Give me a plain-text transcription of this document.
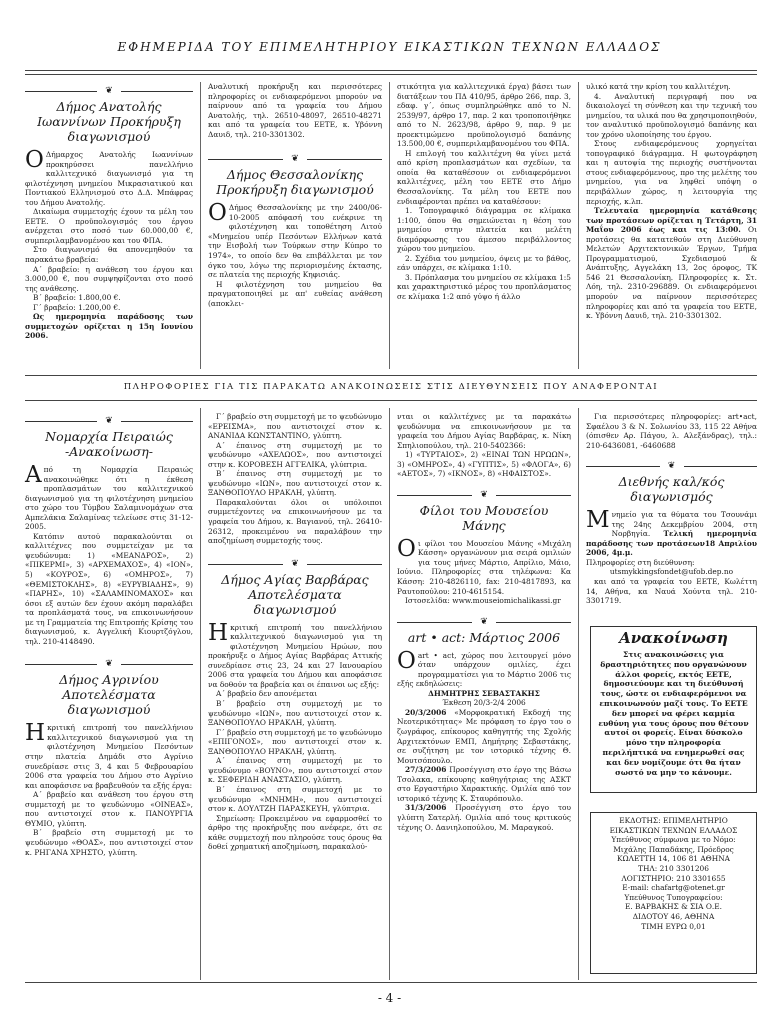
ΕΦΗΜΕΡΙΔΑ ΤΟΥ ΕΠΙΜΕΛΗΤΗΡΙΟΥ ΕΙΚΑΣΤΙΚΩΝ ΤΕΧΝΩΝ ΕΛΛΑΔΟΣ
❦
Δήμος Ανατολής Ιωαννίνων Προκήρυξη διαγωνισμού

Ο Δήμαρχος Ανατολής Ιωαννίνων προκηρύσσει πανελλήνιο καλλιτεχνικό διαγωνισμό για τη φιλοτέχνηση μνημείου Μικρασιατικού και Ποντιακού Ελληνισμού στο Δ.Δ. Μπάφρας του Δήμου Ανατολής.

Δικαίωμα συμμετοχής έχουν τα μέλη του ΕΕΤΕ. Ο προϋπολογισμός του έργου ανέρχεται στο ποσό των 60.000,00 €, συμπεριλαμβανομένου και του ΦΠΑ.

Στο διαγωνισμό θα απονεμηθούν τα παρακάτω βραβεία:

Α΄ βραβείο: η ανάθεση του έργου και 3.000,00 €, που συμψηφίζονται στο ποσό της ανάθεσης.

Β΄ βραβείο: 1.800,00 €.

Γ΄ βραβείο: 1.200,00 €.

Ως ημερομηνία παράδοσης των συμμετοχών ορίζεται η 15η Ιουνίου 2006.

Αναλυτική προκήρυξη και περισσότερες πληροφορίες οι ενδιαφερόμενοι μπορούν να παίρνουν από τα γραφεία του Δήμου Ανατολής, τηλ. 26510-48097, 26510-48271 και από τα γραφεία του ΕΕΤΕ, κ. Υβόννη Δαυιδ, τηλ. 210-3301302.

❦
Δήμος Θεσσαλονίκης Προκήρυξη διαγωνισμού

Ο Δήμος Θεσσαλονίκης με την 2400/06-10-2005 απόφασή του ενέκρινε τη φιλοτέχνηση και τοποθέτηση Λιτού «Μνημείου υπέρ Πεσόντων Ελλήνων κατά την Εισβολή των Τούρκων στην Κύπρο το 1974», το οποίο δεν θα επιβάλλεται με τον όγκο του, λόγω της περιορισμένης έκτασης, σε πλατεία της περιοχής Κηφισιάς.

Η φιλοτέχνηση του μνημείου θα πραγματοποιηθεί με απ' ευθείας ανάθεση (αποκλει-

στικότητα για καλλιτεχνικά έργα) βάσει των διατάξεων του ΠΔ 410/95, άρθρο 266, παρ. 3, εδαφ. γ΄, όπως συμπληρώθηκε από το Ν. 2539/97, άρθρο 17, παρ. 2 και τροποποιήθηκε από το Ν. 2623/98, άρθρο 9, παρ. 9 με προεκτιμώμενο προϋπολογισμό δαπάνης 13.500,00 €, συμπεριλαμβανομένου του ΦΠΑ.

Η επιλογή του καλλιτέχνη θα γίνει μετά από κρίση προπλασμάτων και σχεδίων, τα οποία θα καταθέσουν οι ενδιαφερόμενοι καλλιτέχνες, μέλη του ΕΕΤΕ στο Δήμο Θεσσαλονίκης. Τα μέλη του ΕΕΤΕ που ενδιαφέρονται πρέπει να καταθέσουν:

1. Τοπογραφικό διάγραμμα σε κλίμακα 1:100, όπου θα σημειώνεται η θέση του μνημείου στην πλατεία και μελέτη διαμόρφωσης του άμεσου περιβάλλοντος χώρου του μνημείου.

2. Σχέδια του μνημείου, όψεις με το βάθος, εάν υπάρχει, σε κλίμακα 1:10.

3. Πρόπλασμα του μνημείου σε κλίμακα 1:5 και χαρακτηριστικό μέρος του προπλάσματος σε κλίμακα 1:2 από γύψο ή άλλο

υλικό κατά την κρίση του καλλιτέχνη.

4. Αναλυτική περιγραφή που να δικαιολογεί τη σύνθεση και την τεχνική του μνημείου, τα υλικά που θα χρησιμοποιηθούν, τον αναλυτικό προϋπολογισμό δαπάνης και τον χρόνο υλοποίησης του έργου.

Στους ενδιαφερόμενους χορηγείται τοπογραφικό διάγραμμα. Η φωτογράφηση και η αυτοψία της περιοχής συστήνονται στους ενδιαφερόμενους, προ της μελέτης του μνημείου, για να ληφθεί υπόψη ο περιβάλλων χώρος, η λειτουργία της περιοχής, κ.λπ.

Τελευταία ημερομηνία κατάθεσης των προτάσεων ορίζεται η Τετάρτη, 31 Μαΐου 2006 έως και τις 13:00. Οι προτάσεις θα κατατεθούν στη Διεύθυνση Μελετών Αρχιτεκτονικών Έργων, Τμήμα Προγραμματισμού, Σχεδιασμού & Ανάπτυξης, Αγγελάκη 13, 2ος όροφος, ΤΚ 546 21 Θεσσαλονίκη. Πληροφορίες κ. Στ. Λόη, τηλ. 2310-296889. Οι ενδιαφερόμενοι μπορούν να παίρνουν περισσότερες πληροφορίες και από τα γραφεία του ΕΕΤΕ, κ. Υβόννη Δαυιδ, τηλ. 210-3301302.

ΠΛΗΡΟΦΟΡΙΕΣ ΓΙΑ ΤΙΣ ΠΑΡΑΚΑΤΩ ΑΝΑΚΟΙΝΩΣΕΙΣ ΣΤΙΣ ΔΙΕΥΘΥΝΣΕΙΣ ΠΟΥ ΑΝΑΦΕΡΟΝΤΑΙ
❦
Νομαρχία Πειραιώς -Ανακοίνωση-

Από τη Νομαρχία Πειραιώς ανακοινώθηκε ότι η έκθεση προπλασμάτων του καλλιτεχνικού διαγωνισμού για τη φιλοτέχνηση μνημείου στο χώρο του Τύμβου Σαλαμινομάχων στα Αμπελάκια Σαλαμίνας τελείωσε στις 31-12-2005.

Κατόπιν αυτού παρακαλούνται οι καλλιτέχνες που συμμετείχαν με τα ψευδώνυμα: 1) «ΜΕΑΝΔΡΟΣ», 2) «ΠΙΚΕΡΜΙ», 3) «ΑΡΧΕΜΑΧΟΣ», 4) «ΙΟΝ», 5) «ΚΟΥΡΟΣ», 6) «ΟΜΗΡΟΣ», 7) «ΘΕΜΙΣΤΟΚΛΗΣ», 8) «ΕΥΡΥΒΙΑΔΗΣ», 9) «ΠΑΡΗΣ», 10) «ΣΑΛΑΜΙΝΟΜΑΧΟΣ» και όσοι εξ αυτών δεν έχουν ακόμη παραλάβει τα προπλάσματά τους, να επικοινωνήσουν με τη Γραμματεία της Επιτροπής Κρίσης του διαγωνισμού, κ. Αγγελική Κιουρτζόγλου, τηλ. 210-4148490.

❦
Δήμος Αγρινίου Αποτελέσματα διαγωνισμού

Ηκριτική επιτροπή του πανελλήνιου καλλιτεχνικού διαγωνισμού για τη φιλοτέχνηση Μνημείου Πεσόντων στην πλατεία Δημάδι στο Αγρίνιο συνεδρίασε στις 3, 4 και 5 Φεβρουαρίου 2006 στα γραφεία του Δήμου στο Αγρίνιο και αποφάσισε να βραβευθούν τα εξής έργα:

Α΄ βραβείο και ανάθεση του έργου στη συμμετοχή με το ψευδώνυμο «ΟΙΝΕΑΣ», που αντιστοιχεί στον κ. ΠΑΝΟΥΡΓΙΑ ΘΥΜΙΟ, γλύπτη.

Β΄ βραβείο στη συμμετοχή με το ψευδώνυμο «ΘΟΑΣ», που αντιστοιχεί στον κ. ΡΗΓΑΝΑ ΧΡΗΣΤΟ, γλύπτη.

Γ΄ βραβείο στη συμμετοχή με το ψευδώνυμο «ΕΡΕΙΣΜΑ», που αντιστοιχεί στον κ. ΑΝΑΝΙΔΑ ΚΩΝΣΤΑΝΤΙΝΟ, γλύπτη.

Α΄ έπαινος στη συμμετοχή με το ψευδώνυμο «ΑΧΕΛΩΟΣ», που αντιστοιχεί στην κ. ΚΟΡΟΒΕΣΗ ΑΓΓΕΛΙΚΑ, γλύπτρια.

Β΄ έπαινος στη συμμετοχή με το ψευδώνυμο «ΙΩΝ», που αντιστοιχεί στον κ. ΞΑΝΘΟΠΟΥΛΟ ΗΡΑΚΛΗ, γλύπτη.

Παρακαλούνται όλοι οι υπόλοιποι συμμετέχοντες να επικοινωνήσουν με τα γραφεία του Δήμου, κ. Βαγιανού, τηλ. 26410-26312, προκειμένου να παραλάβουν την αποζημίωση συμμετοχής τους.

❦
Δήμος Αγίας Βαρβάρας Αποτελέσματα διαγωνισμού

Ηκριτική επιτροπή του πανελλήνιου καλλιτεχνικού διαγωνισμού για τη φιλοτέχνηση Μνημείου Ηρώων, που προκήρυξε ο Δήμος Αγίας Βαρβάρας Αττικής συνεδρίασε στις 23, 24 και 27 Ιανουαρίου 2006 στα γραφεία του Δήμου και αποφάσισε να δοθούν τα βραβεία και οι έπαινοι ως εξής:

Α΄ βραβείο δεν απονέμεται

Β΄ βραβείο στη συμμετοχή με το ψευδώνυμο «ΙΩΝ», που αντιστοιχεί στον κ. ΞΑΝΘΟΠΟΥΛΟ ΗΡΑΚΛΗ, γλύπτη.

Γ΄ βραβείο στη συμμετοχή με το ψευδώνυμο «ΕΠΙΓΟΝΟΣ», που αντιστοιχεί στον κ. ΞΑΝΘΟΠΟΥΛΟ ΗΡΑΚΛΗ, γλύπτη.

Α΄ έπαινος στη συμμετοχή με το ψευδώνυμο «ΒΟΥΝΟ», που αντιστοιχεί στον κ. ΣΕΦΕΡΙΔΗ ΑΝΑΣΤΑΣΙΟ, γλύπτη.

Β΄ έπαινος στη συμμετοχή με το ψευδώνυμο «ΜΝΗΜΗ», που αντιστοιχεί στον κ. ΔΟΥΛΤΖΗ ΠΑΡΑΣΚΕΥΗ, γλύπτρια.

Σημείωση: Προκειμένου να εφαρμοσθεί το άρθρο της προκήρυξης που ανέφερε, ότι σε κάθε συμμετοχή που πληρούσε τους όρους θα δοθεί χρηματική αποζημίωση, παρακαλού-

νται οι καλλιτέχνες με τα παρακάτω ψευδώνυμα να επικοινωνήσουν με τα γραφεία του Δήμου Αγίας Βαρβάρας, κ. Νίκη Σπηλιοπούλου, τηλ. 210-5402366:

1) «ΤΥΡΤΑΙΟΣ», 2) «ΕΙΝΑΙ ΤΩΝ ΗΡΩΩΝ», 3) «ΟΜΗΡΟΣ», 4) «ΓΥΠΤΙΣ», 5) «ΦΛΟΓΑ», 6) «ΑΕΤΟΣ», 7) «ΙΚΝΟΣ», 8) «ΗΦΑΙΣΤΟΣ».

❦
Φίλοι του Μουσείου Μάνης

Οι φίλοι του Μουσείου Μάνης «Μιχάλη Κάσση» οργανώνουν μια σειρά ομιλιών για τους μήνες Μάρτιο, Απρίλιο, Μάιο, Ιούνιο. Πληροφορίες στα τηλέφωνα: Κα Κάσση: 210-4826110, fax: 210-4817893, κα Ραυτοπούλου: 210-4615154.

Ιστοσελίδα: www.mouseiomichalikassi.gr

❦
art • act: Μάρτιος 2006

Oart • act, χώρος που λειτουργεί μόνο όταν υπάρχουν ομιλίες, έχει προγραμματίσει για το Μάρτιο 2006 τις εξής εκδηλώσεις:

ΔΗΜΗΤΡΗΣ ΣΕΒΑΣΤΑΚΗΣ

Έκθεση 20/3-2/4 2006

20/3/2006 «Μορφοκρατική Εκδοχή της Νεοτερικότητας» Με πρόφαση το έργο του ο ζωγράφος, επίκουρος καθηγητής της Σχολής Αρχιτεκτόνων ΕΜΠ, Δημήτρης Σεβαστάκης, σε συζήτηση με τον ιστορικό τέχνης Θ. Μουτσόπουλο.

27/3/2006 Προσέγγιση στο έργο της Βάσω Τσολακα, επίκουρης καθηγήτριας της ΑΣΚΤ στο Εργαστήριο Χαρακτικής. Ομιλία από τον ιστορικό τέχνης Κ. Σταυρόπουλο.

31/3/2006 Προσέγγιση στο έργο του γλύπτη Σατερλή. Ομιλία από τους κριτικούς τέχνης Ο. Δανιηλοπούλου, Μ. Μαραγκού.

Για περισσότερες πληροφορίες: art•act, Σφαέλου 3 & Ν. Σολωνίου 33, 115 22 Αθήνα (όπισθεν Αρ. Πάγου, λ. Αλεξάνδρας), τηλ.: 210-6436081, -6460688

❦
Διεθνής καλ/κός διαγωνισμός

Μνημείο για τα θύματα του Τσουνάμι της 24ης Δεκεμβρίου 2004, στη Νορβηγία. Τελική ημερομηνία παράδοσης των προτάσεων18 Απριλίου 2006, 4μ.μ.

Πληροφορίες στη διεύθυνση:

utsmykkingsfondet@ufob.dep.no

και από τα γραφεία του ΕΕΤΕ, Κωλέττη 14, Αθήνα, κα Ναυά Χούντα τηλ. 210-3301719.

Ανακοίνωση
Στις ανακοινώσεις για δραστηριότητες που οργανώνουν άλλοι φορείς, εκτός ΕΕΤΕ, δημοσιεύουμε και τη διεύθυνσή τους, ώστε οι ενδιαφερόμενοι να επικοινωνούν μαζί τους. Το ΕΕΤΕ δεν μπορεί να φέρει καμμία ευθύνη για τους όρους που θέτουν αυτοί οι φορείς. Είναι δύσκολο μόνο την πληροφορία περιλήπτικά να ενημερωθεί σας και δεν νομίζουμε ότι θα ήταν σωστό να μην το κάνουμε.
ΕΚΔΟΤΗΣ: ΕΠΙΜΕΛΗΤΗΡΙΟ
ΕΙΚΑΣΤΙΚΩΝ ΤΕΧΝΩΝ ΕΛΛΑΔΟΣ
Υπεύθυνος σύμφωνα με το Νόμο:
Μιχάλης Παπαδάκης, Πρόεδρος
ΚΩΛΕΤΤΗ 14, 106 81 ΑΘΗΝΑ
ΤΗΛ: 210 3301206
ΛΟΓΙΣΤΗΡΙΟ: 210 3301655
E-mail: chafartg@otenet.gr
Υπεύθυνος Τυπογραφείου:
Ε. ΒΑΡΒΑΚΗΣ & ΣΙΑ Ο.Ε.
ΔΙΔΟΤΟΥ 46, ΑΘΗΝΑ
ΤΙΜΗ ΕΥΡΩ 0,01
- 4 -
